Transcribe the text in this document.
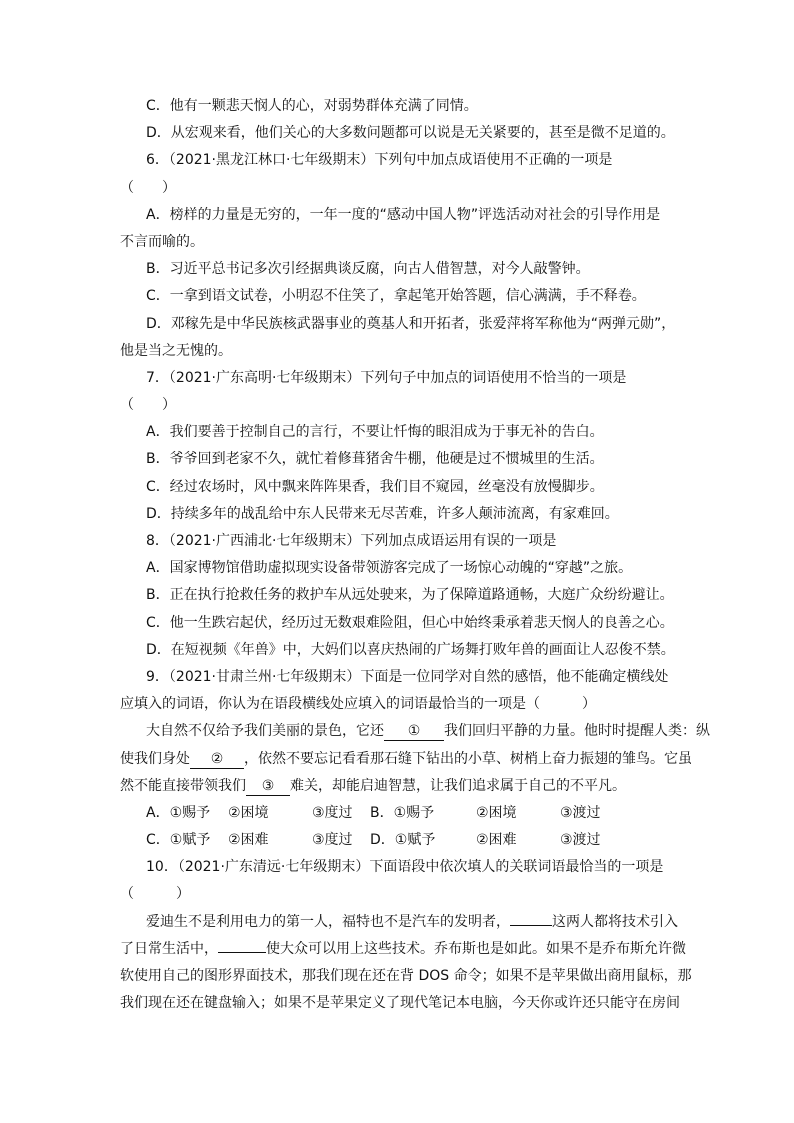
C．他有一颗悲天悯人的心，对弱势群体充满了同情。
D．从宏观来看，他们关心的大多数问题都可以说是无关紧要的，甚至是微不足道的。
6．（2021·黑龙江林口·七年级期末）下列句中加点成语使用不正确的一项是
（　　）
A．榜样的力量是无穷的，一年一度的“感动中国人物”评选活动对社会的引导作用是
不言而喻的。
B．习近平总书记多次引经据典谈反腐，向古人借智慧，对今人敲警钟。
C．一拿到语文试卷，小明忍不住笑了，拿起笔开始答题，信心满满，手不释卷。
D．邓稼先是中华民族核武器事业的奠基人和开拓者，张爱萍将军称他为“两弹元勋”，
他是当之无愧的。
7．（2021·广东高明·七年级期末）下列句子中加点的词语使用不恰当的一项是
（　　）
A．我们要善于控制自己的言行，不要让忏悔的眼泪成为于事无补的告白。
B．爷爷回到老家不久，就忙着修葺猪舍牛棚，他硬是过不惯城里的生活。
C．经过农场时，风中飘来阵阵果香，我们目不窥园，丝毫没有放慢脚步。
D．持续多年的战乱给中东人民带来无尽苦难，许多人颠沛流离，有家难回。
8．（2021·广西浦北·七年级期末）下列加点成语运用有误的一项是
A．国家博物馆借助虚拟现实设备带领游客完成了一场惊心动魄的“穿越”之旅。
B．正在执行抢救任务的救护车从远处驶来，为了保障道路通畅，大庭广众纷纷避让。
C．他一生跌宕起伏，经历过无数艰难险阻，但心中始终秉承着悲天悯人的良善之心。
D．在短视频《年兽》中，大妈们以喜庆热闹的广场舞打败年兽的画面让人忍俊不禁。
9．（2021·甘肃兰州·七年级期末）下面是一位同学对自然的感悟，他不能确定横线处
应填入的词语，你认为在语段横线处应填入的词语最恰当的一项是（　　　）
大自然不仅给予我们美丽的景色，它还 ① 我们回归平静的力量。他时时提醒人类：纵
使我们身处 ② ，依然不要忘记看看那石缝下钻出的小草、树梢上奋力振翅的雏鸟。它虽
然不能直接带领我们 ③ 难关，却能启迪智慧，让我们追求属于自己的不平凡。
A．①赐予	②困境	③度过	B．①赐予	②困境	③渡过
C．①赋予	②困难	③度过	D．①赋予	②困难	③渡过
10．（2021·广东清远·七年级期末）下面语段中依次填人的关联词语最恰当的一项是
（　　　）
爱迪生不是利用电力的第一人，福特也不是汽车的发明者，	这两人都将技术引入
了日常生活中，	使大众可以用上这些技术。乔布斯也是如此。如果不是乔布斯允许微
软使用自己的图形界面技术，那我们现在还在背 DOS 命令；如果不是苹果做出商用鼠标，那
我们现在还在键盘输入；如果不是苹果定义了现代笔记本电脑，今天你或许还只能守在房间
